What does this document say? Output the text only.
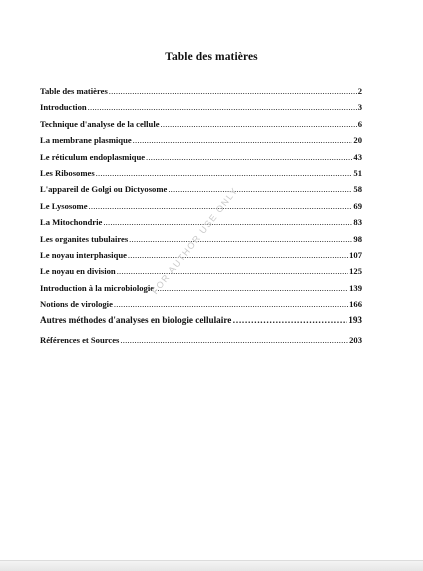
Table des matières
Table des matières .....	2
Introduction .....	3
Technique d'analyse de la cellule .....	6
La membrane plasmique .....	20
Le réticulum endoplasmique .....	43
Les Ribosomes .....	51
L'appareil de Golgi ou Dictyosome .....	58
Le Lysosome .....	69
La Mitochondrie .....	83
Les organites tubulaires .....	98
Le noyau interphasique .....	107
Le noyau en division .....	125
Introduction à la microbiologie .....	139
Notions de virologie .....	166
Autres méthodes d'analyses en biologie cellulaire ………………………………………………………………………………………………………	193
Références et Sources .....	203
FOR AUTHOR USE ONLY
